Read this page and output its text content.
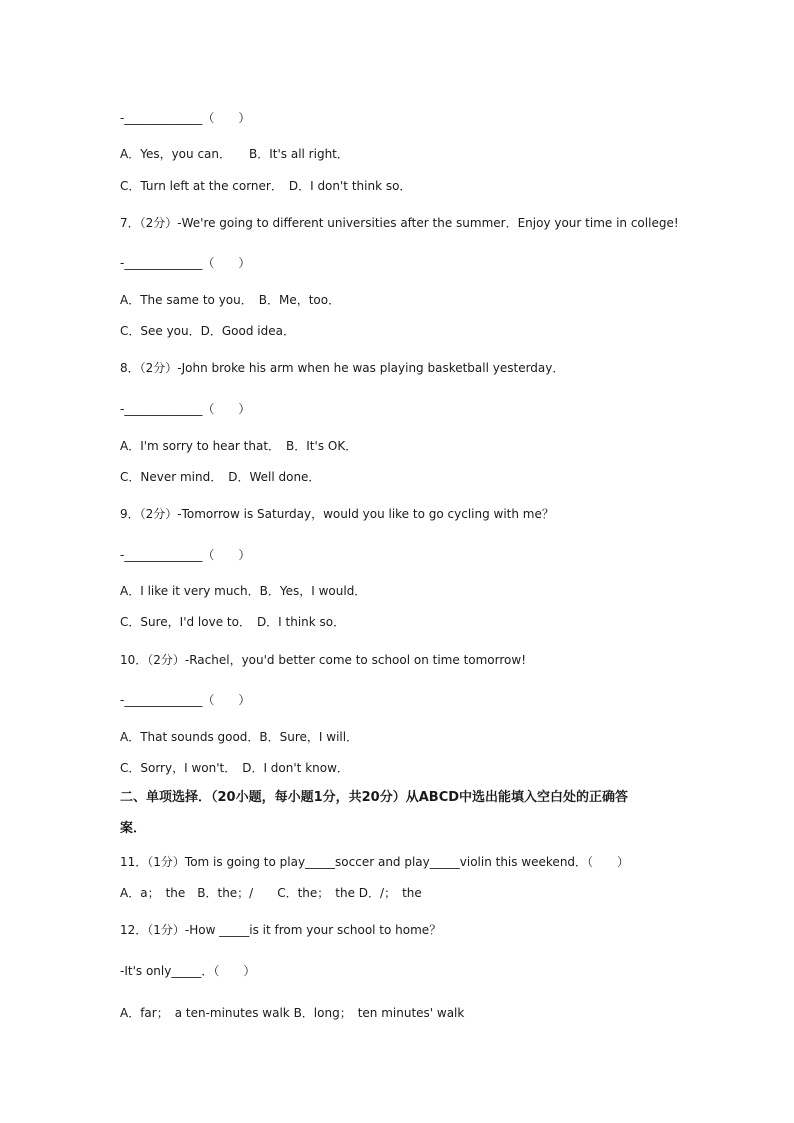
-_____________（　　）
A．Yes，you can．　　B．It's all right．
C．Turn left at the corner．　D．I don't think so．
7．（2分）-We're going to different universities after the summer．Enjoy your time in college!
-_____________（　　）
A．The same to you．　B．Me，too．
C．See you．D．Good idea．
8．（2分）-John broke his arm when he was playing basketball yesterday．
-_____________（　　）
A．I'm sorry to hear that．　B．It's OK．
C．Never mind．　D．Well done．
9．（2分）-Tomorrow is Saturday，would you like to go cycling with me？
-_____________（　　）
A．I like it very much．B．Yes，I would．
C．Sure，I'd love to．　D．I think so．
10．（2分）-Rachel，you'd better come to school on time tomorrow!
-_____________（　　）
A．That sounds good．B．Sure，I will．
C．Sorry，I won't．　D．I don't know．
二、单项选择．（20小题，每小题1分，共20分）从ABCD中选出能填入空白处的正确答
案．
11．（1分）Tom is going to play_____soccer and play_____violin this weekend．（　　）
A．a；　the　B．the；/　　C．the；　the D．/；　the
12．（1分）-How _____is it from your school to home？
-It's only_____．（　　）
A．far；　a ten-minutes walk B．long；　ten minutes' walk
